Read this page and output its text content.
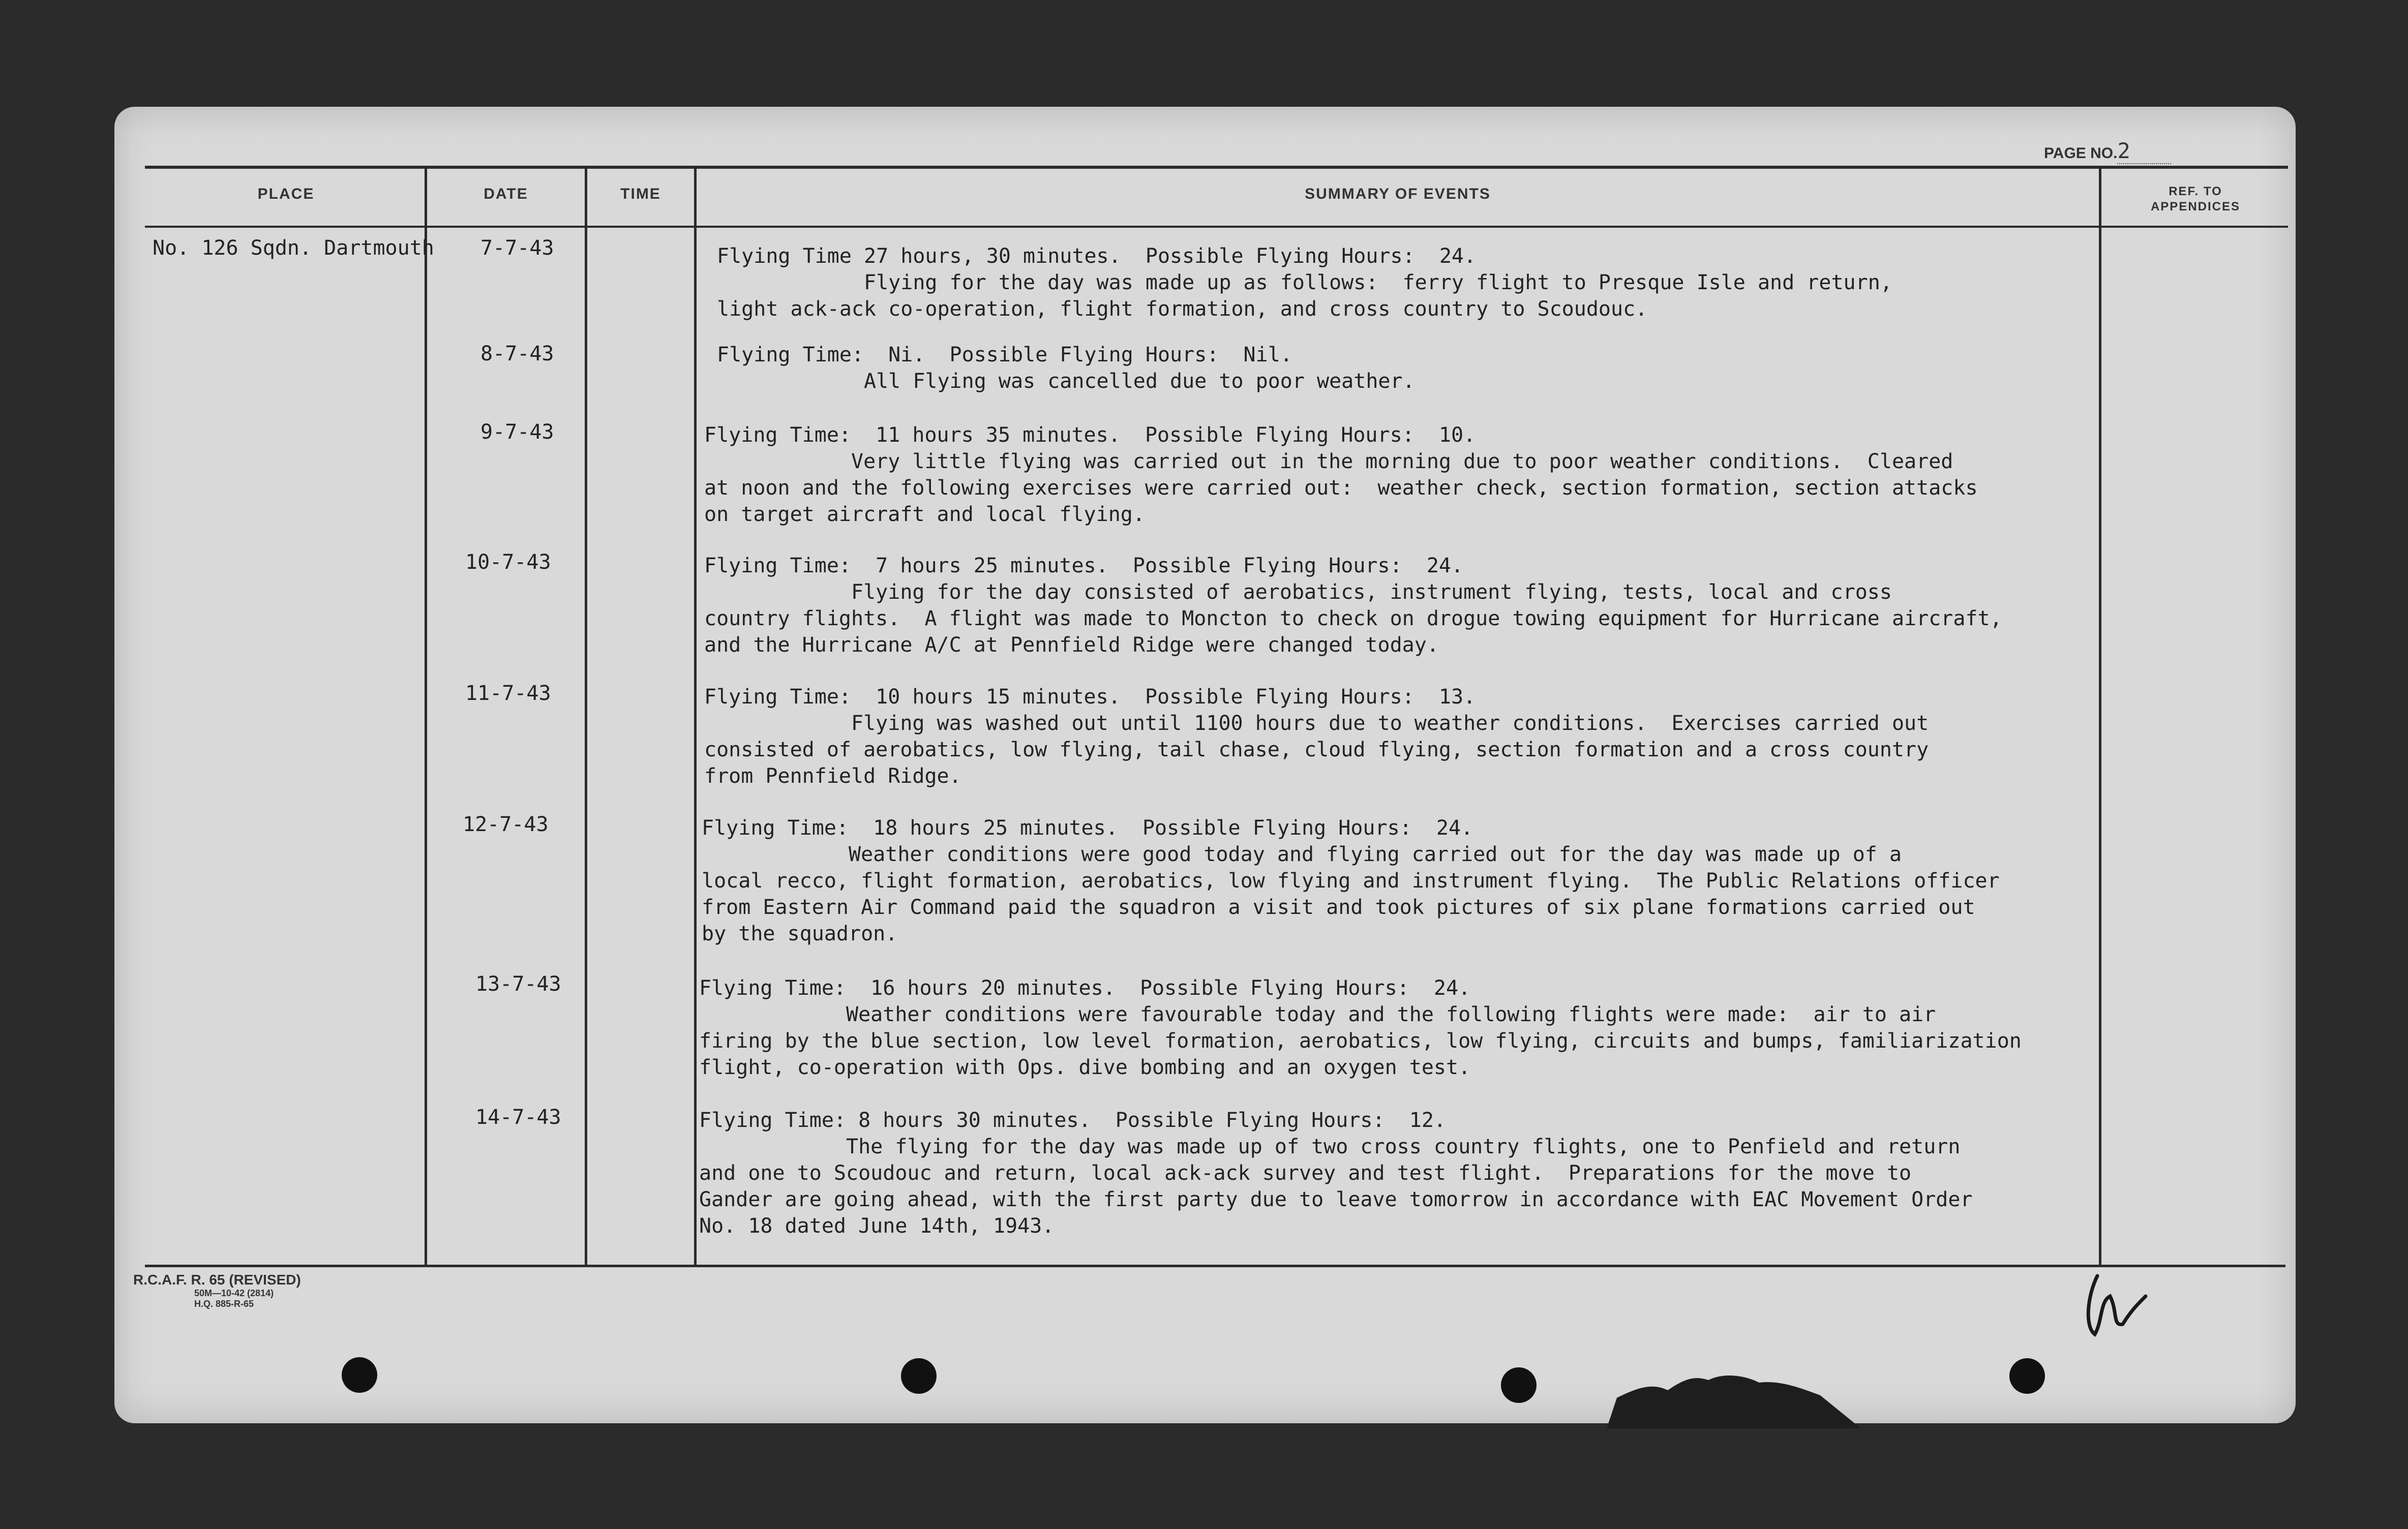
PAGE NO.2
PLACE	DATE	TIME	SUMMARY OF EVENTS	REF. TO
APPENDICES
No. 126 Sqdn. Dartmouth 7-7-43	Flying Time 27 hours, 30 minutes.  Possible Flying Hours:  24.
Flying for the day was made up as follows:  ferry flight to Presque Isle and return,
light ack-ack co-operation, flight formation, and cross country to Scoudouc.
8-7-43	Flying Time:  Ni.  Possible Flying Hours:  Nil.
All Flying was cancelled due to poor weather.
9-7-43	Flying Time:  11 hours 35 minutes.  Possible Flying Hours:  10.
Very little flying was carried out in the morning due to poor weather conditions.  Cleared
at noon and the following exercises were carried out:  weather check, section formation, section attacks
on target aircraft and local flying.
10-7-43	Flying Time:  7 hours 25 minutes.  Possible Flying Hours:  24.
Flying for the day consisted of aerobatics, instrument flying, tests, local and cross
country flights.  A flight was made to Moncton to check on drogue towing equipment for Hurricane aircraft,
and the Hurricane A/C at Pennfield Ridge were changed today.
11-7-43	Flying Time:  10 hours 15 minutes.  Possible Flying Hours:  13.
Flying was washed out until 1100 hours due to weather conditions.  Exercises carried out
consisted of aerobatics, low flying, tail chase, cloud flying, section formation and a cross country
from Pennfield Ridge.
12-7-43	Flying Time:  18 hours 25 minutes.  Possible Flying Hours:  24.
Weather conditions were good today and flying carried out for the day was made up of a
local recco, flight formation, aerobatics, low flying and instrument flying.  The Public Relations officer
from Eastern Air Command paid the squadron a visit and took pictures of six plane formations carried out
by the squadron.
13-7-43	Flying Time:  16 hours 20 minutes.  Possible Flying Hours:  24.
Weather conditions were favourable today and the following flights were made:  air to air
firing by the blue section, low level formation, aerobatics, low flying, circuits and bumps, familiarization
flight, co-operation with Ops. dive bombing and an oxygen test.
14-7-43	Flying Time: 8 hours 30 minutes.  Possible Flying Hours:  12.
The flying for the day was made up of two cross country flights, one to Penfield and return
and one to Scoudouc and return, local ack-ack survey and test flight.  Preparations for the move to
Gander are going ahead, with the first party due to leave tomorrow in accordance with EAC Movement Order
No. 18 dated June 14th, 1943.
R.C.A.F. R. 65 (REVISED)
50M—10-42 (2814)
H.Q. 885-R-65
